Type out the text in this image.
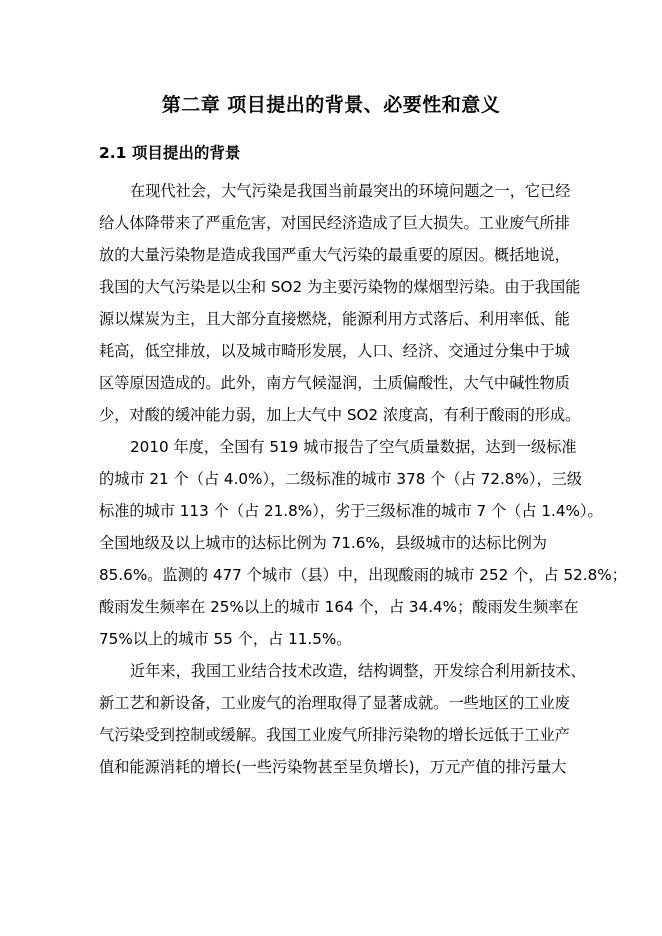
第二章 项目提出的背景、必要性和意义
2.1 项目提出的背景
在现代社会，大气污染是我国当前最突出的环境问题之一，它已经
给人体降带来了严重危害，对国民经济造成了巨大损失。工业废气所排
放的大量污染物是造成我国严重大气污染的最重要的原因。概括地说，
我国的大气污染是以尘和 SO2 为主要污染物的煤烟型污染。由于我国能
源以煤炭为主，且大部分直接燃烧，能源利用方式落后、利用率低、能
耗高，低空排放，以及城市畸形发展，人口、经济、交通过分集中于城
区等原因造成的。此外，南方气候湿润，土质偏酸性，大气中碱性物质
少，对酸的缓冲能力弱，加上大气中 SO2 浓度高，有利于酸雨的形成。
2010 年度，全国有 519 城市报告了空气质量数据，达到一级标准
的城市 21 个（占 4.0%），二级标准的城市 378 个（占 72.8%），三级
标准的城市 113 个（占 21.8%），劣于三级标准的城市 7 个（占 1.4%）。
全国地级及以上城市的达标比例为 71.6%，县级城市的达标比例为
85.6%。监测的 477 个城市（县）中，出现酸雨的城市 252 个，占 52.8%；
酸雨发生频率在 25%以上的城市 164 个，占 34.4%；酸雨发生频率在
75%以上的城市 55 个，占 11.5%。
近年来，我国工业结合技术改造，结构调整，开发综合利用新技术、
新工艺和新设备，工业废气的治理取得了显著成就。一些地区的工业废
气污染受到控制或缓解。我国工业废气所排污染物的增长远低于工业产
值和能源消耗的增长(一些污染物甚至呈负增长)，万元产值的排污量大
